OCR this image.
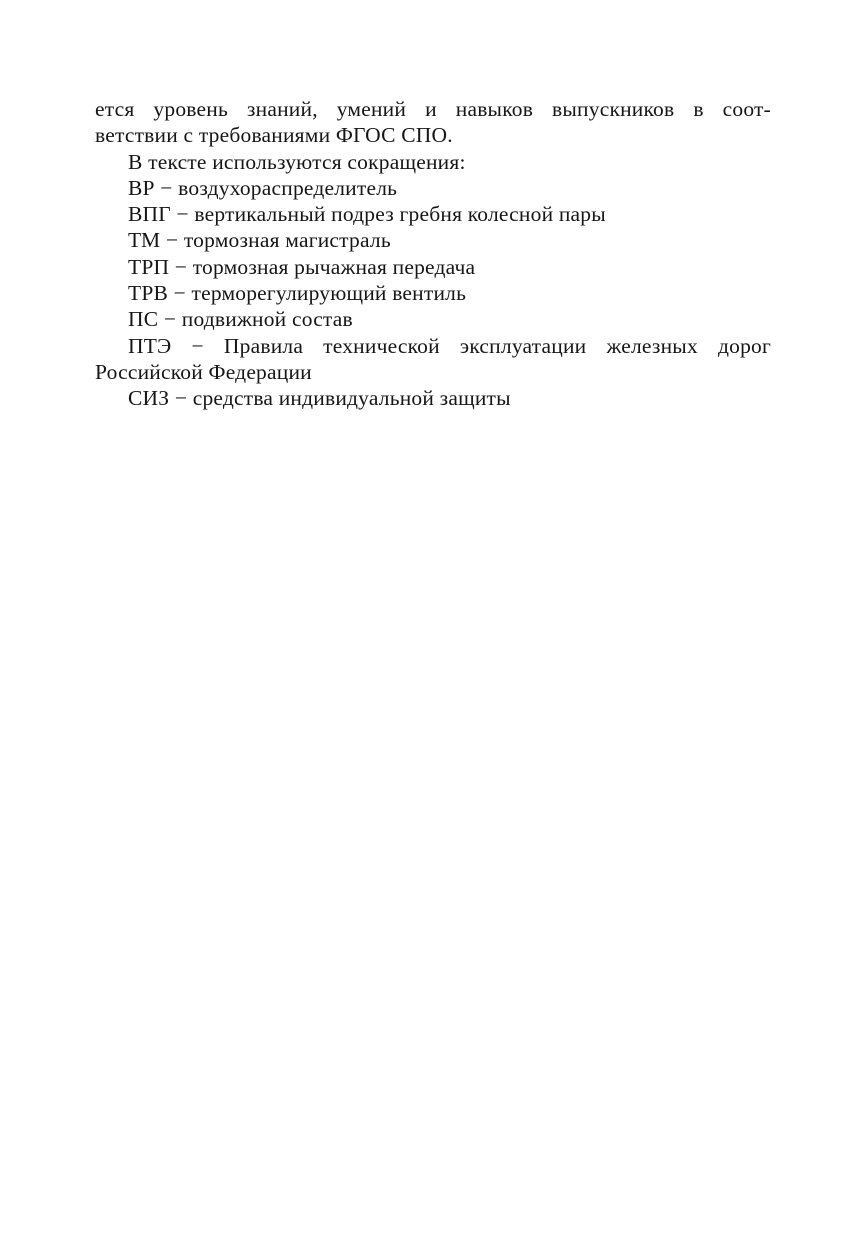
ется уровень знаний, умений и навыков выпускников в соот-
ветствии с требованиями ФГОС СПО.
В тексте используются сокращения:
ВР − воздухораспределитель
ВПГ − вертикальный подрез гребня колесной пары
ТМ − тормозная магистраль
ТРП − тормозная рычажная передача
ТРВ − терморегулирующий вентиль
ПС − подвижной состав
ПТЭ − Правила технической эксплуатации железных дорог
Российской Федерации
СИЗ − средства индивидуальной защиты
